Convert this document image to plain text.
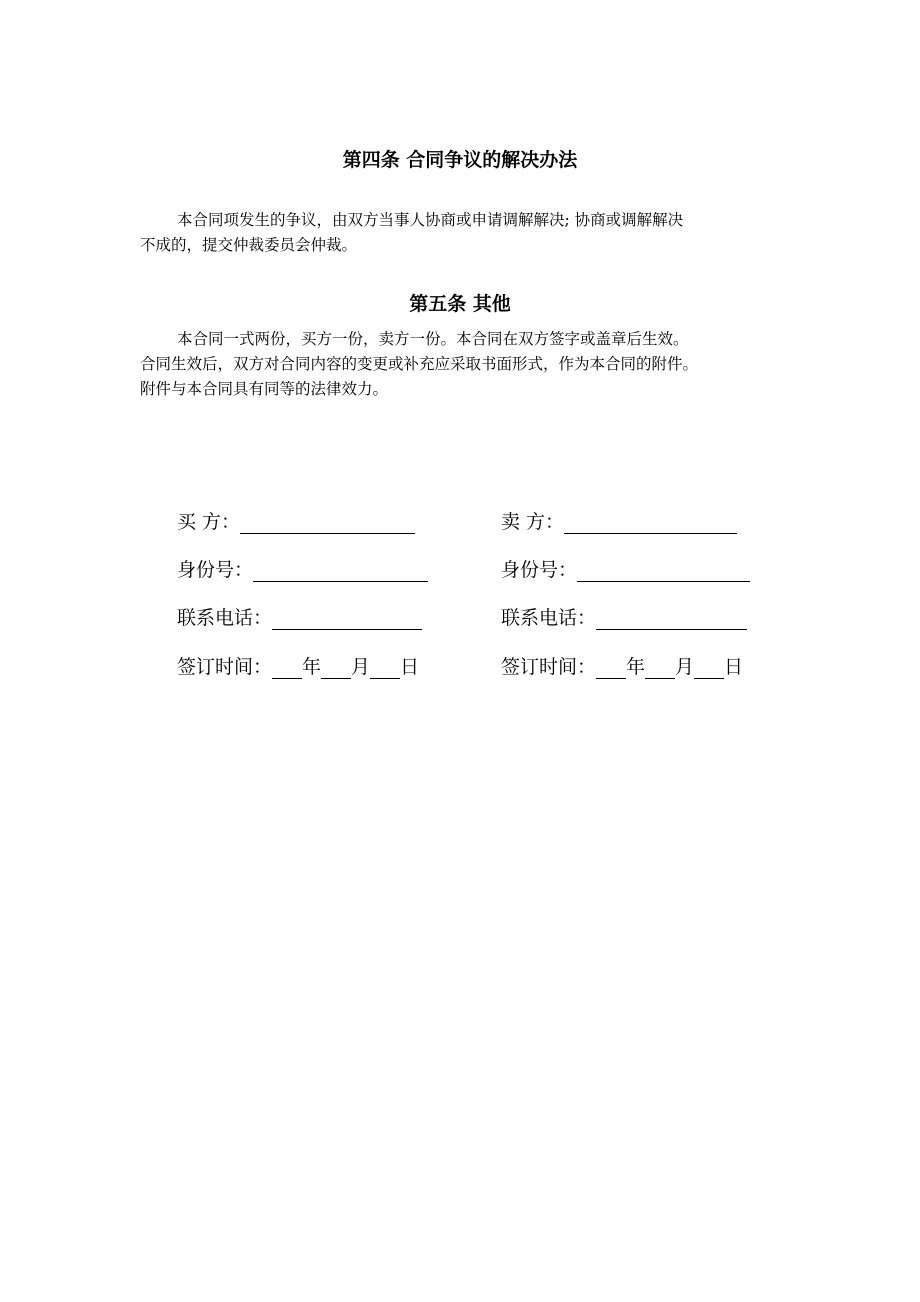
第四条 合同争议的解决办法
本合同项发生的争议，由双方当事人协商或申请调解解决; 协商或调解解决
不成的，提交仲裁委员会仲裁。
第五条 其他
本合同一式两份，买方一份，卖方一份。本合同在双方签字或盖章后生效。
合同生效后，双方对合同内容的变更或补充应采取书面形式，作为本合同的附件。
附件与本合同具有同等的法律效力。
买 方：
身份号：
联系电话：
签订时间： 年 月 日
卖 方：
身份号：
联系电话：
签订时间： 年 月 日
